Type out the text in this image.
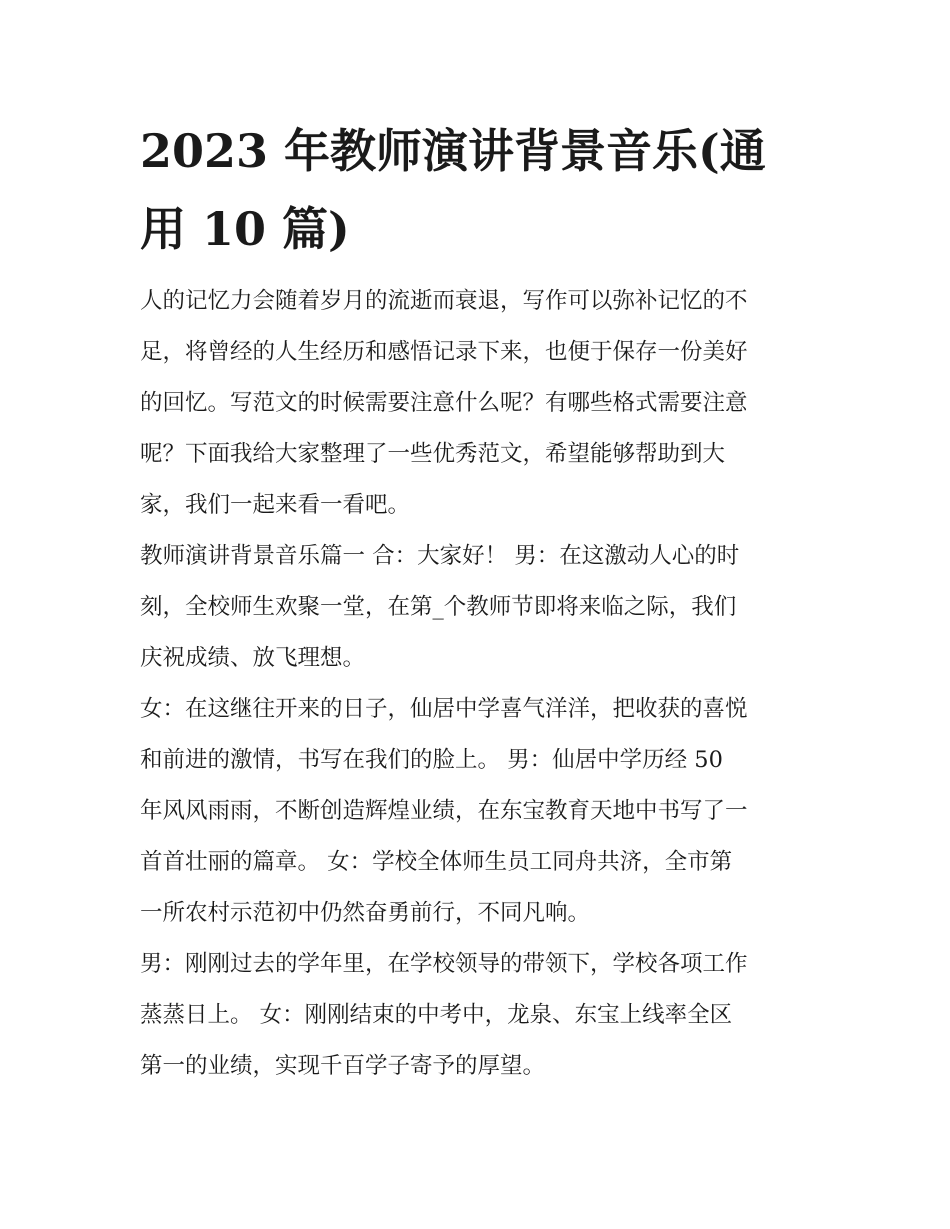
2023 年教师演讲背景音乐(通
用 10 篇)
人的记忆力会随着岁月的流逝而衰退，写作可以弥补记忆的不
足，将曾经的人生经历和感悟记录下来，也便于保存一份美好
的回忆。写范文的时候需要注意什么呢？有哪些格式需要注意
呢？下面我给大家整理了一些优秀范文，希望能够帮助到大
家，我们一起来看一看吧。
教师演讲背景音乐篇一 合：大家好！ 男：在这激动人心的时
刻，全校师生欢聚一堂，在第_个教师节即将来临之际，我们
庆祝成绩、放飞理想。
女：在这继往开来的日子，仙居中学喜气洋洋，把收获的喜悦
和前进的激情，书写在我们的脸上。 男：仙居中学历经 50
年风风雨雨，不断创造辉煌业绩，在东宝教育天地中书写了一
首首壮丽的篇章。 女：学校全体师生员工同舟共济，全市第
一所农村示范初中仍然奋勇前行，不同凡响。
男：刚刚过去的学年里，在学校领导的带领下，学校各项工作
蒸蒸日上。 女：刚刚结束的中考中，龙泉、东宝上线率全区
第一的业绩，实现千百学子寄予的厚望。
